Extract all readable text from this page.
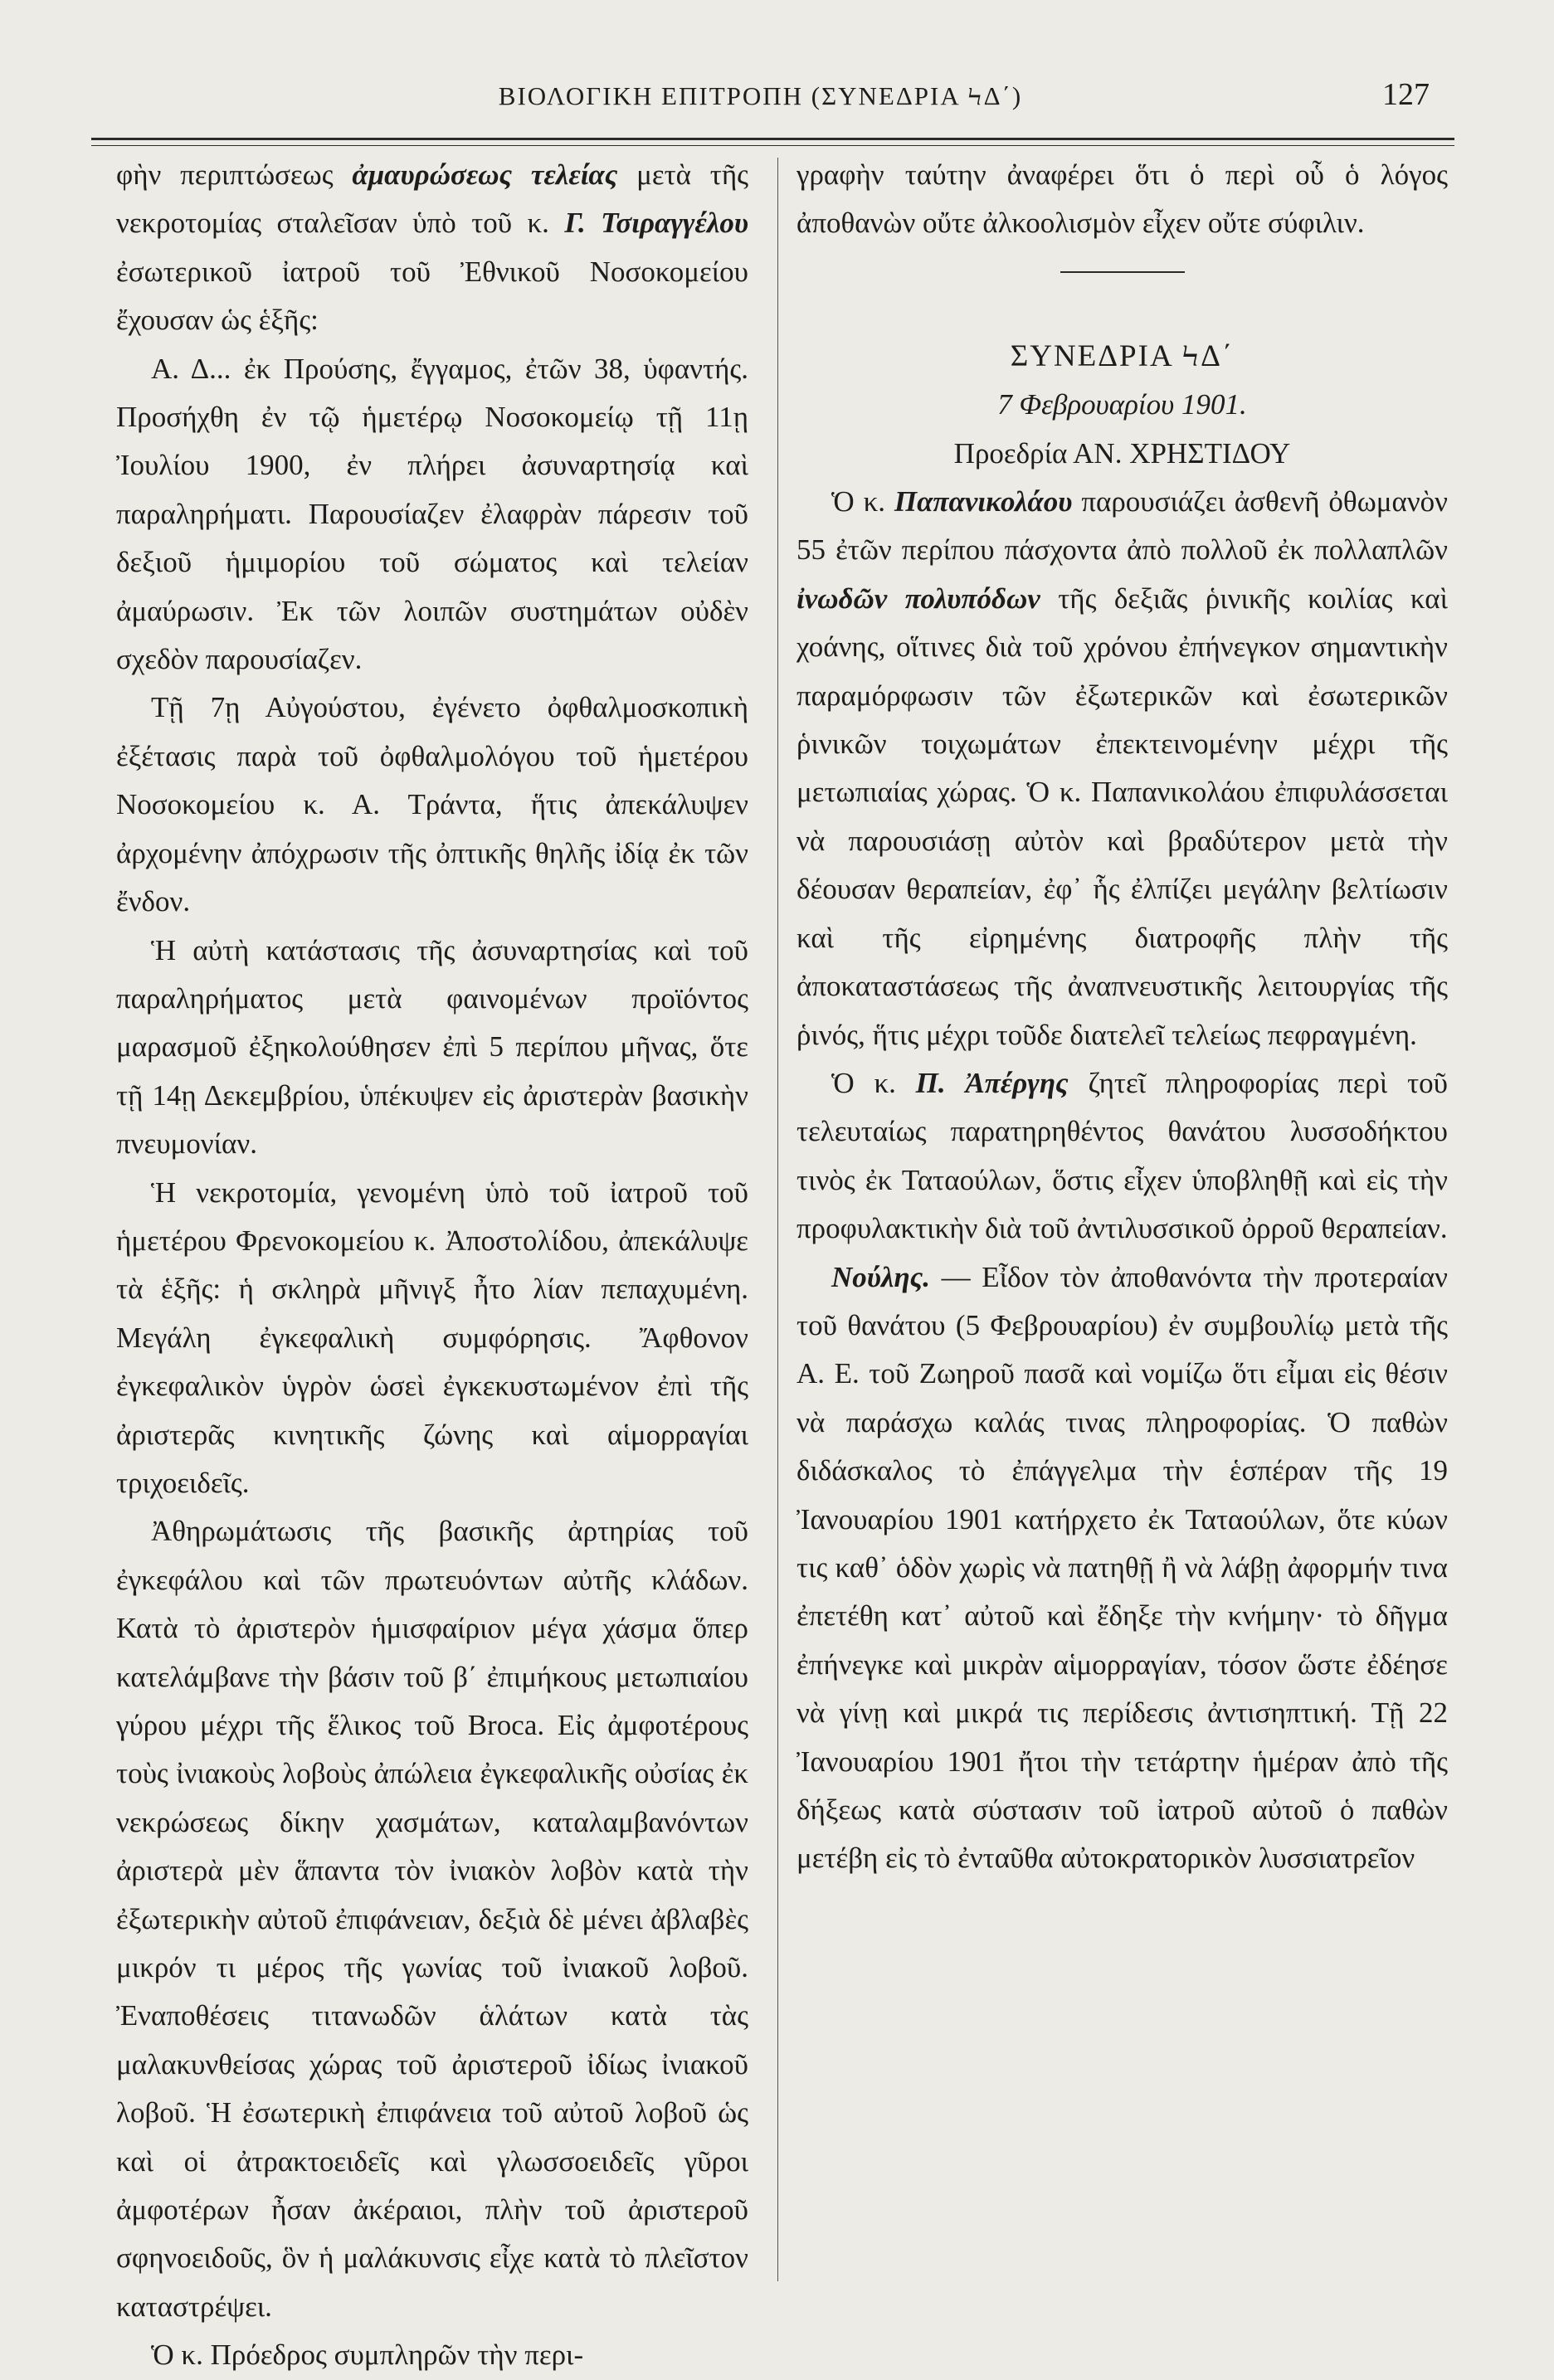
ΒΙΟΛΟΓΙΚΗ ΕΠΙΤΡΟΠΗ (ΣΥΝΕΔΡΙΑ ϞΔ΄)	127

φὴν περιπτώσεως ἀμαυρώσεως τελείας μετὰ τῆς νεκροτομίας σταλεῖσαν ὑπὸ τοῦ κ. Γ. Τσιραγγέλου ἐσωτερικοῦ ἰατροῦ τοῦ Ἐθνικοῦ Νοσοκομείου ἔχουσαν ὡς ἑξῆς:

Α. Δ... ἐκ Προύσης, ἔγγαμος, ἐτῶν 38, ὑφαντής. Προσήχθη ἐν τῷ ἡμετέρῳ Νοσοκομείῳ τῇ 11ῃ Ἰουλίου 1900, ἐν πλήρει ἀσυναρτησίᾳ καὶ παραληρήματι. Παρουσίαζεν ἐλαφρὰν πάρεσιν τοῦ δεξιοῦ ἡμιμορίου τοῦ σώματος καὶ τελείαν ἀμαύρωσιν. Ἐκ τῶν λοιπῶν συστημάτων οὐδὲν σχεδὸν παρουσίαζεν.

Τῇ 7ῃ Αὐγούστου, ἐγένετο ὀφθαλμοσκοπικὴ ἐξέτασις παρὰ τοῦ ὀφθαλμολόγου τοῦ ἡμετέρου Νοσοκομείου κ. Α. Τράντα, ἥτις ἀπεκάλυψεν ἀρχομένην ἀπόχρωσιν τῆς ὀπτικῆς θηλῆς ἰδίᾳ ἐκ τῶν ἔνδον.

Ἡ αὐτὴ κατάστασις τῆς ἀσυναρτησίας καὶ τοῦ παραληρήματος μετὰ φαινομένων προϊόντος μαρασμοῦ ἐξηκολούθησεν ἐπὶ 5 περίπου μῆνας, ὅτε τῇ 14ῃ Δεκεμβρίου, ὑπέκυψεν εἰς ἀριστερὰν βασικὴν πνευμονίαν.

Ἡ νεκροτομία, γενομένη ὑπὸ τοῦ ἰατροῦ τοῦ ἡμετέρου Φρενοκομείου κ. Ἀποστολίδου, ἀπεκάλυψε τὰ ἑξῆς: ἡ σκληρὰ μῆνιγξ ἦτο λίαν πεπαχυμένη. Μεγάλη ἐγκεφαλικὴ συμφόρησις. Ἄφθονον ἐγκεφαλικὸν ὑγρὸν ὡσεὶ ἐγκεκυστωμένον ἐπὶ τῆς ἀριστερᾶς κινητικῆς ζώνης καὶ αἱμορραγίαι τριχοειδεῖς.

Ἀθηρωμάτωσις τῆς βασικῆς ἀρτηρίας τοῦ ἐγκεφάλου καὶ τῶν πρωτευόντων αὐτῆς κλάδων. Κατὰ τὸ ἀριστερὸν ἡμισφαίριον μέγα χάσμα ὅπερ κατελάμβανε τὴν βάσιν τοῦ β΄ ἐπιμήκους μετωπιαίου γύρου μέχρι τῆς ἕλικος τοῦ Broca. Εἰς ἀμφοτέρους τοὺς ἰνιακοὺς λοβοὺς ἀπώλεια ἐγκεφαλικῆς οὐσίας ἐκ νεκρώσεως δίκην χασμάτων, καταλαμβανόντων ἀριστερὰ μὲν ἅπαντα τὸν ἰνιακὸν λοβὸν κατὰ τὴν ἐξωτερικὴν αὐτοῦ ἐπιφάνειαν, δεξιὰ δὲ μένει ἀβλαβὲς μικρόν τι μέρος τῆς γωνίας τοῦ ἰνιακοῦ λοβοῦ. Ἐναποθέσεις τιτανωδῶν ἁλάτων κατὰ τὰς μαλακυνθείσας χώρας τοῦ ἀριστεροῦ ἰδίως ἰνιακοῦ λοβοῦ. Ἡ ἐσωτερικὴ ἐπιφάνεια τοῦ αὐτοῦ λοβοῦ ὡς καὶ οἱ ἀτρακτοειδεῖς καὶ γλωσσοειδεῖς γῦροι ἀμφοτέρων ἦσαν ἀκέραιοι, πλὴν τοῦ ἀριστεροῦ σφηνοειδοῦς, ὃν ἡ μαλάκυνσις εἶχε κατὰ τὸ πλεῖστον καταστρέψει.

Ὁ κ. Πρόεδρος συμπληρῶν τὴν περι-

γραφὴν ταύτην ἀναφέρει ὅτι ὁ περὶ οὗ ὁ λόγος ἀποθανὼν οὔτε ἀλκοολισμὸν εἶχεν οὔτε σύφιλιν.

ΣΥΝΕΔΡΙΑ ϞΔ΄

7 Φεβρουαρίου 1901.

Προεδρία ΑΝ. ΧΡΗΣΤΙΔΟΥ

Ὁ κ. Παπανικολάου παρουσιάζει ἀσθενῆ ὀθωμανὸν 55 ἐτῶν περίπου πάσχοντα ἀπὸ πολλοῦ ἐκ πολλαπλῶν ἰνωδῶν πολυπόδων τῆς δεξιᾶς ῥινικῆς κοιλίας καὶ χοάνης, οἵτινες διὰ τοῦ χρόνου ἐπήνεγκον σημαντικὴν παραμόρφωσιν τῶν ἐξωτερικῶν καὶ ἐσωτερικῶν ῥινικῶν τοιχωμάτων ἐπεκτεινομένην μέχρι τῆς μετωπιαίας χώρας. Ὁ κ. Παπανικολάου ἐπιφυλάσσεται νὰ παρουσιάσῃ αὐτὸν καὶ βραδύτερον μετὰ τὴν δέουσαν θεραπείαν, ἐφ᾽ ἧς ἐλπίζει μεγάλην βελτίωσιν καὶ τῆς εἰρημένης διατροφῆς πλὴν τῆς ἀποκαταστάσεως τῆς ἀναπνευστικῆς λειτουργίας τῆς ῥινός, ἥτις μέχρι τοῦδε διατελεῖ τελείως πεφραγμένη.

Ὁ κ. Π. Ἀπέργης ζητεῖ πληροφορίας περὶ τοῦ τελευταίως παρατηρηθέντος θανάτου λυσσοδήκτου τινὸς ἐκ Ταταούλων, ὅστις εἶχεν ὑποβληθῇ καὶ εἰς τὴν προφυλακτικὴν διὰ τοῦ ἀντιλυσσικοῦ ὀρροῦ θεραπείαν.

Νούλης. — Εἶδον τὸν ἀποθανόντα τὴν προτεραίαν τοῦ θανάτου (5 Φεβρουαρίου) ἐν συμβουλίῳ μετὰ τῆς Α. Ε. τοῦ Ζωηροῦ πασᾶ καὶ νομίζω ὅτι εἶμαι εἰς θέσιν νὰ παράσχω καλάς τινας πληροφορίας. Ὁ παθὼν διδάσκαλος τὸ ἐπάγγελμα τὴν ἑσπέραν τῆς 19 Ἰανουαρίου 1901 κατήρχετο ἐκ Ταταούλων, ὅτε κύων τις καθ᾽ ὁδὸν χωρὶς νὰ πατηθῇ ἢ νὰ λάβῃ ἀφορμήν τινα ἐπετέθη κατ᾽ αὐτοῦ καὶ ἔδηξε τὴν κνήμην· τὸ δῆγμα ἐπήνεγκε καὶ μικρὰν αἱμορραγίαν, τόσον ὥστε ἐδέησε νὰ γίνῃ καὶ μικρά τις περίδεσις ἀντισηπτική. Τῇ 22 Ἰανουαρίου 1901 ἤτοι τὴν τετάρτην ἡμέραν ἀπὸ τῆς δήξεως κατὰ σύστασιν τοῦ ἰατροῦ αὐτοῦ ὁ παθὼν μετέβη εἰς τὸ ἐνταῦθα αὐτοκρατορικὸν λυσσιατρεῖον
